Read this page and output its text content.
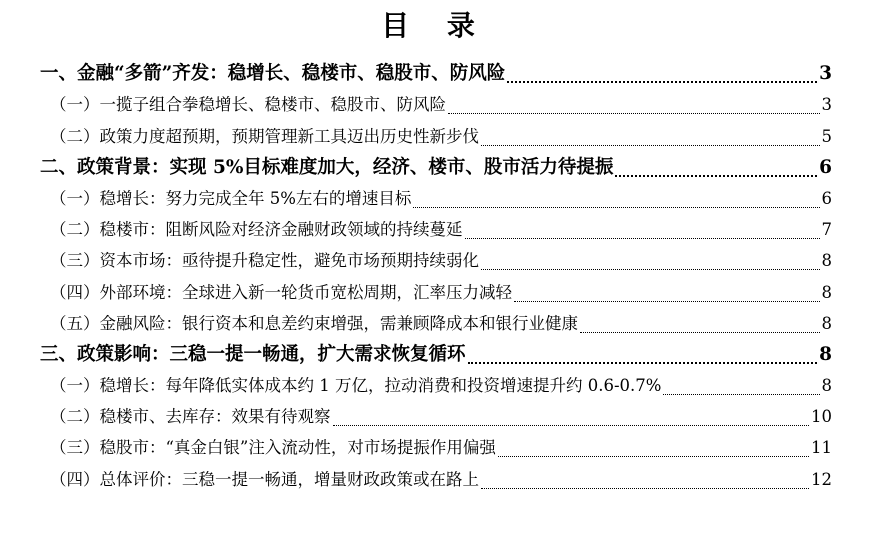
目 录
一、金融“多箭”齐发：稳增长、稳楼市、稳股市、防风险	3
（一）一揽子组合拳稳增长、稳楼市、稳股市、防风险	3
（二）政策力度超预期，预期管理新工具迈出历史性新步伐	5
二、政策背景：实现 5%目标难度加大，经济、楼市、股市活力待提振	6
（一）稳增长：努力完成全年 5%左右的增速目标	6
（二）稳楼市：阻断风险对经济金融财政领域的持续蔓延	7
（三）资本市场：亟待提升稳定性，避免市场预期持续弱化	8
（四）外部环境：全球进入新一轮货币宽松周期，汇率压力减轻	8
（五）金融风险：银行资本和息差约束增强，需兼顾降成本和银行业健康	8
三、政策影响：三稳一提一畅通，扩大需求恢复循环	8
（一）稳增长：每年降低实体成本约 1 万亿，拉动消费和投资增速提升约 0.6-0.7%	8
（二）稳楼市、去库存：效果有待观察	10
（三）稳股市：“真金白银”注入流动性，对市场提振作用偏强	11
（四）总体评价：三稳一提一畅通，增量财政政策或在路上	12
